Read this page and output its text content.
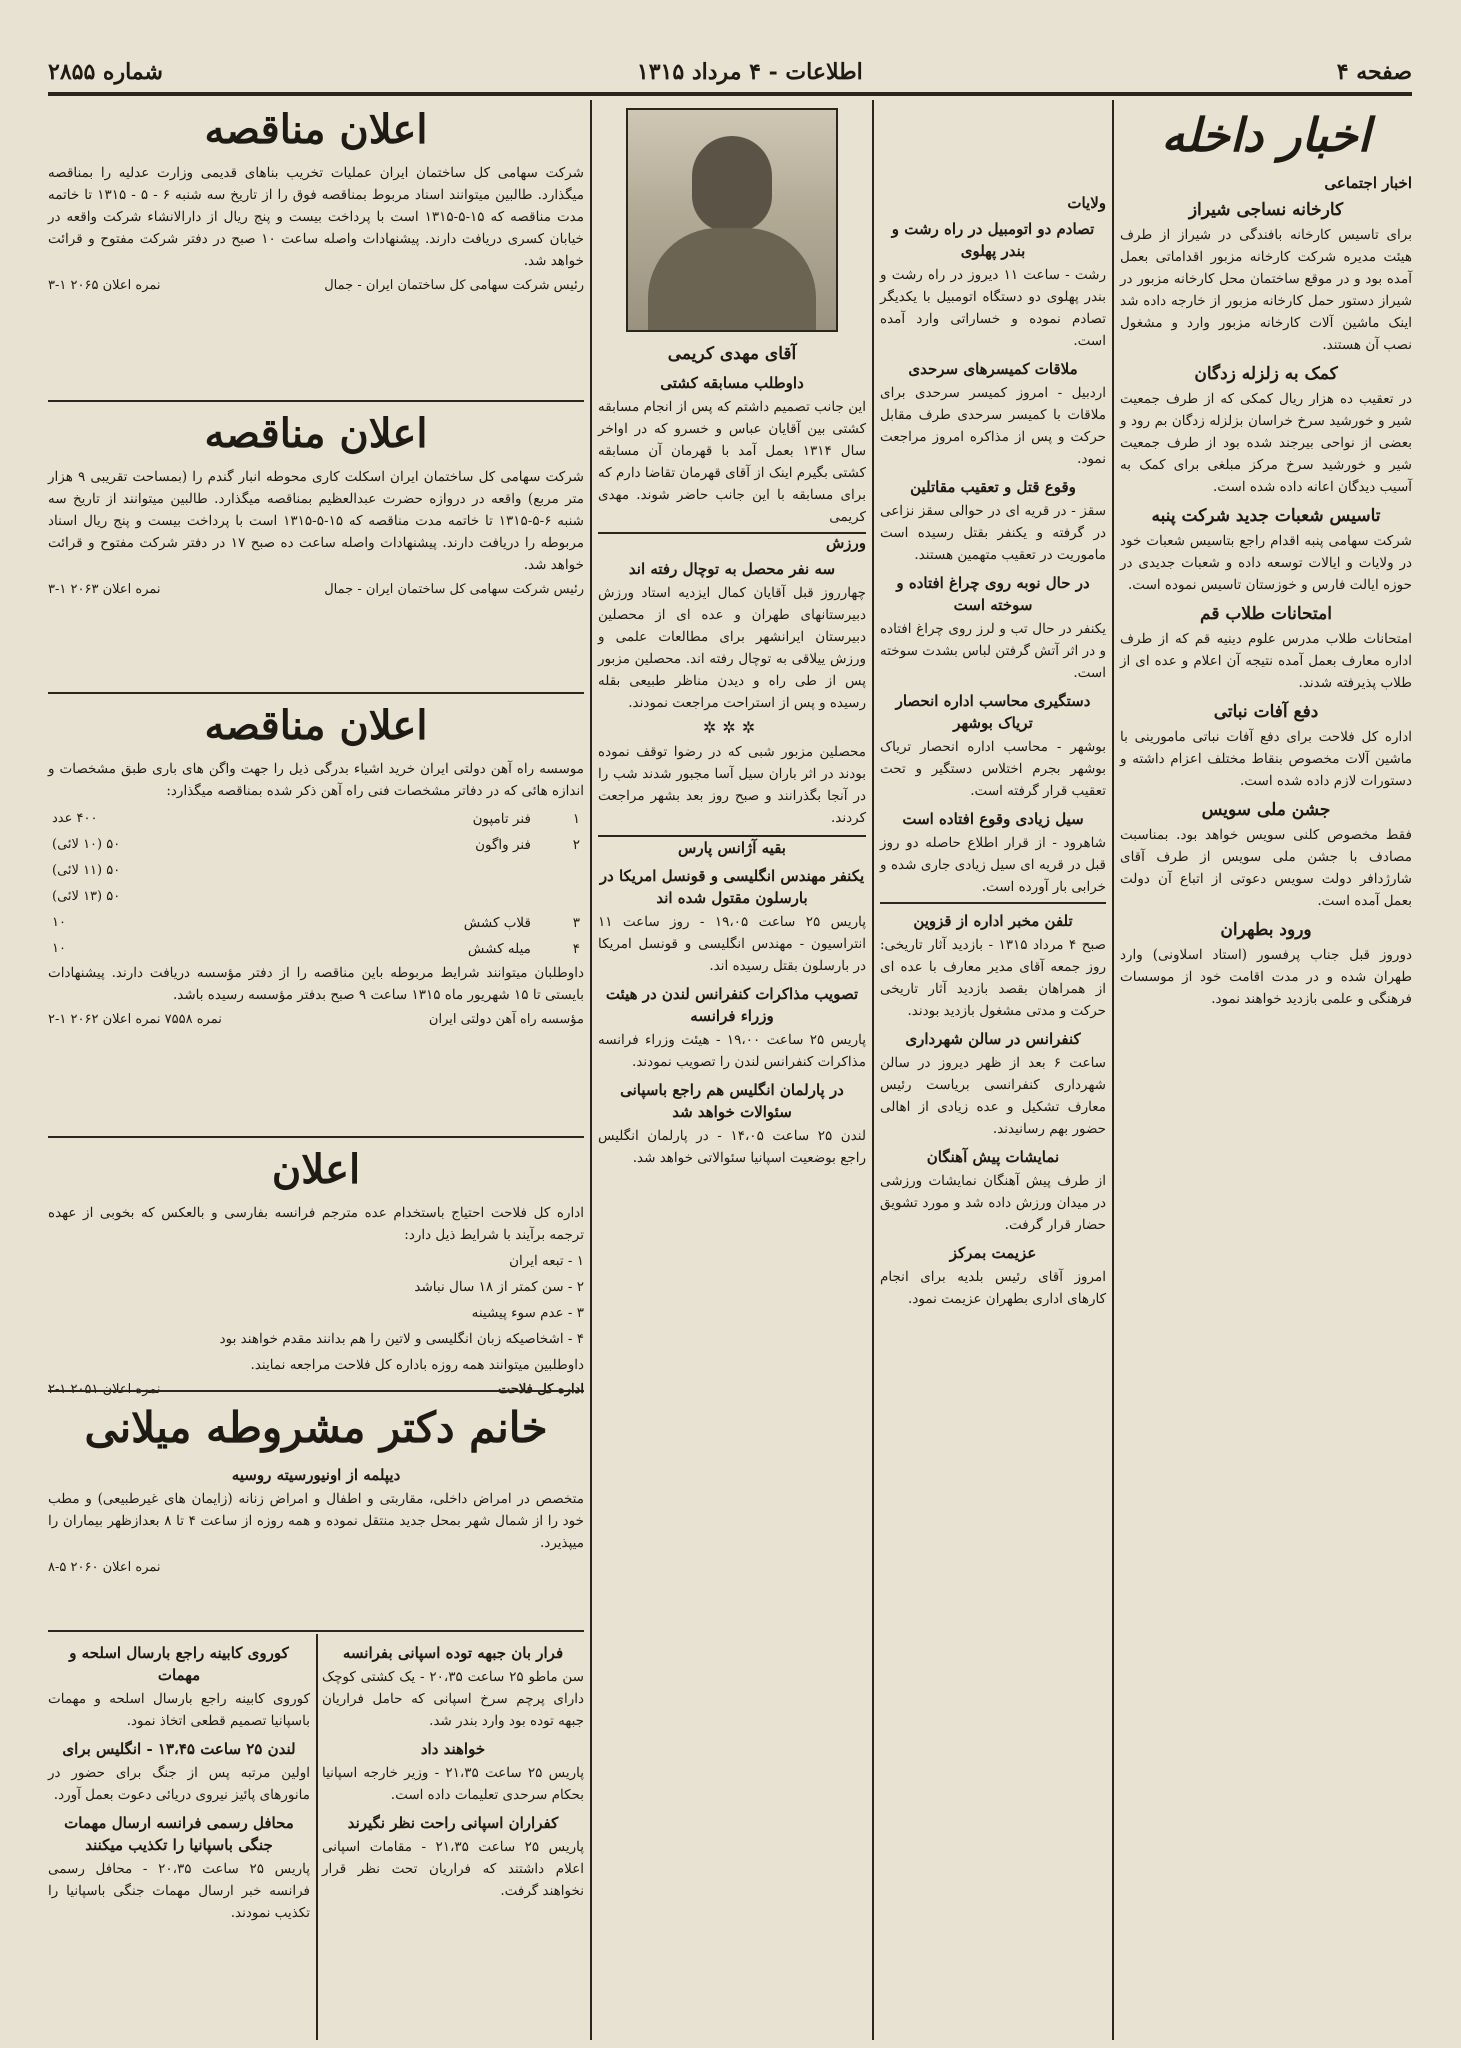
صفحه ۴
اطلاعات - ۴ مرداد ۱۳۱۵
شماره ۲۸۵۵
اخبار داخله
اخبار اجتماعی
کارخانه نساجی شیراز

برای تاسیس کارخانه بافندگی در شیراز از طرف هیئت مدیره شرکت کارخانه مزبور اقداماتی بعمل آمده بود و در موقع ساختمان محل کارخانه مزبور در شیراز دستور حمل کارخانه مزبور از خارجه داده شد اینک ماشین آلات کارخانه مزبور وارد و مشغول نصب آن هستند.

کمک به زلزله زدگان

در تعقیب ده هزار ریال کمکی که از طرف جمعیت شیر و خورشید سرخ خراسان بزلزله زدگان بم رود و بعضی از نواحی بیرجند شده بود از طرف جمعیت شیر و خورشید سرخ مرکز مبلغی برای کمک به آسیب دیدگان اعانه داده شده است.

تاسیس شعبات جدید شرکت پنبه

شرکت سهامی پنبه اقدام راجع بتاسیس شعبات خود در ولایات و ایالات توسعه داده و شعبات جدیدی در حوزه ایالت فارس و خوزستان تاسیس نموده است.

امتحانات طلاب قم

امتحانات طلاب مدرس علوم دینیه قم که از طرف اداره معارف بعمل آمده نتیجه آن اعلام و عده ای از طلاب پذیرفته شدند.

دفع آفات نباتی

اداره کل فلاحت برای دفع آفات نباتی مامورینی با ماشین آلات مخصوص بنقاط مختلف اعزام داشته و دستورات لازم داده شده است.

جشن ملی سویس

فقط مخصوص کلنی سویس خواهد بود. بمناسبت مصادف با جشن ملی سویس از طرف آقای شارژدافر دولت سویس دعوتی از اتباع آن دولت بعمل آمده است.

ورود بطهران

دوروز قبل جناب پرفسور (استاد اسلاونی) وارد طهران شده و در مدت اقامت خود از موسسات فرهنگی و علمی بازدید خواهند نمود.

ولایات
تصادم دو اتومبیل در راه رشت و بندر پهلوی

رشت - ساعت ۱۱ دیروز در راه رشت و بندر پهلوی دو دستگاه اتومبیل با یکدیگر تصادم نموده و خساراتی وارد آمده است.

ملاقات کمیسرهای سرحدی

اردبیل - امروز کمیسر سرحدی برای ملاقات با کمیسر سرحدی طرف مقابل حرکت و پس از مذاکره امروز مراجعت نمود.

وقوع قتل و تعقیب مقاتلین

سقز - در قریه ای در حوالی سقز نزاعی در گرفته و یکنفر بقتل رسیده است ماموریت در تعقیب متهمین هستند.

در حال نوبه روی چراغ افتاده و سوخته است

یکنفر در حال تب و لرز روی چراغ افتاده و در اثر آتش گرفتن لباس بشدت سوخته است.

دستگیری محاسب اداره انحصار تریاک بوشهر

بوشهر - محاسب اداره انحصار تریاک بوشهر بجرم اختلاس دستگیر و تحت تعقیب قرار گرفته است.

سیل زیادی وقوع افتاده است

شاهرود - از قرار اطلاع حاصله دو روز قبل در قریه ای سیل زیادی جاری شده و خرابی بار آورده است.

تلفن مخبر اداره از قزوین

صبح ۴ مرداد ۱۳۱۵ - بازدید آثار تاریخی: روز جمعه آقای مدیر معارف با عده ای از همراهان بقصد بازدید آثار تاریخی حرکت و مدتی مشغول بازدید بودند.

کنفرانس در سالن شهرداری

ساعت ۶ بعد از ظهر دیروز در سالن شهرداری کنفرانسی بریاست رئیس معارف تشکیل و عده زیادی از اهالی حضور بهم رسانیدند.

نمایشات پیش آهنگان

از طرف پیش آهنگان نمایشات ورزشی در میدان ورزش داده شد و مورد تشویق حضار قرار گرفت.

عزیمت بمرکز

امروز آقای رئیس بلدیه برای انجام کارهای اداری بطهران عزیمت نمود.

آقای مهدی کریمی
داوطلب مسابقه کشتی

این جانب تصمیم داشتم که پس از انجام مسابقه کشتی بین آقایان عباس و خسرو که در اواخر سال ۱۳۱۴ بعمل آمد با قهرمان آن مسابقه کشتی بگیرم اینک از آقای قهرمان تقاضا دارم که برای مسابقه با این جانب حاضر شوند. مهدی کریمی

ورزش
سه نفر محصل به توچال رفته اند

چهارروز قبل آقایان کمال ایزدیه استاد ورزش دبیرستانهای طهران و عده ای از محصلین دبیرستان ایرانشهر برای مطالعات علمی و ورزش ییلاقی به توچال رفته اند. محصلین مزبور پس از طی راه و دیدن مناظر طبیعی بقله رسیده و پس از استراحت مراجعت نمودند.

✲✲✲

محصلین مزبور شبی که در رضوا توقف نموده بودند در اثر باران سیل آسا مجبور شدند شب را در آنجا بگذرانند و صبح روز بعد بشهر مراجعت کردند.

بقیه آژانس پارس
یکنفر مهندس انگلیسی و قونسل امریکا در بارسلون مقتول شده اند

پاریس ۲۵ ساعت ۱۹،۰۵ - روز ساعت ۱۱ انتراسیون - مهندس انگلیسی و قونسل امریکا در بارسلون بقتل رسیده اند.

تصویب مذاکرات کنفرانس لندن در هیئت وزراء فرانسه

پاریس ۲۵ ساعت ۱۹،۰۰ - هیئت وزراء فرانسه مذاکرات کنفرانس لندن را تصویب نمودند.

در پارلمان انگلیس هم راجع باسپانی سئوالات خواهد شد

لندن ۲۵ ساعت ۱۴،۰۵ - در پارلمان انگلیس راجع بوضعیت اسپانیا سئوالاتی خواهد شد.

اعلان مناقصه

شرکت سهامی کل ساختمان ایران عملیات تخریب بناهای قدیمی وزارت عدلیه را بمناقصه میگذارد. طالبین میتوانند اسناد مربوط بمناقصه فوق را از تاریخ سه شنبه ۶ - ۵ - ۱۳۱۵ تا خاتمه مدت مناقصه که ۱۵-۵-۱۳۱۵ است با پرداخت بیست و پنج ریال از دارالانشاء شرکت واقعه در خیابان کسری دریافت دارند. پیشنهادات واصله ساعت ۱۰ صبح در دفتر شرکت مفتوح و قرائت خواهد شد.

رئیس شرکت سهامی کل ساختمان ایران - جمال
نمره اعلان ۲۰۶۵ ۱-۳
اعلان مناقصه

شرکت سهامی کل ساختمان ایران اسکلت کاری محوطه انبار گندم را (بمساحت تقریبی ۹ هزار متر مربع) واقعه در دروازه حضرت عبدالعظیم بمناقصه میگذارد. طالبین میتوانند از تاریخ سه شنبه ۶-۵-۱۳۱۵ تا خاتمه مدت مناقصه که ۱۵-۵-۱۳۱۵ است با پرداخت بیست و پنج ریال اسناد مربوطه را دریافت دارند. پیشنهادات واصله ساعت ده صبح ۱۷ در دفتر شرکت مفتوح و قرائت خواهد شد.

رئیس شرکت سهامی کل ساختمان ایران - جمال
نمره اعلان ۲۰۶۳ ۱-۳
اعلان مناقصه

موسسه راه آهن دولتی ایران خرید اشیاء بدرگی ذیل را جهت واگن های باری طبق مشخصات و اندازه هائی که در دفاتر مشخصات فنی راه آهن ذکر شده بمناقصه میگذارد:

۱	فنر تامپون	۴۰۰ عدد
۲	فنر واگون	۵۰ (۱۰ لائی)
		۵۰ (۱۱ لائی)
		۵۰ (۱۳ لائی)
۳	قلاب کشش	۱۰
۴	میله کشش	۱۰

داوطلبان میتوانند شرایط مربوطه باین مناقصه را از دفتر مؤسسه دریافت دارند. پیشنهادات بایستی تا ۱۵ شهریور ماه ۱۳۱۵ ساعت ۹ صبح بدفتر مؤسسه رسیده باشد.

مؤسسه راه آهن دولتی ایران
نمره ۷۵۵۸ نمره اعلان ۲۰۶۲ ۱-۲
اعلان

اداره کل فلاحت احتیاج باستخدام عده مترجم فرانسه بفارسی و بالعکس که بخوبی از عهده ترجمه برآیند با شرایط ذیل دارد:

۱ - تبعه ایران

۲ - سن کمتر از ۱۸ سال نباشد

۳ - عدم سوء پیشینه

۴ - اشخاصیکه زبان انگلیسی و لاتین را هم بدانند مقدم خواهند بود

داوطلبین میتوانند همه روزه باداره کل فلاحت مراجعه نمایند.

خانم دکتر مشروطه میلانی
دیپلمه از اونیورسیته روسیه

متخصص در امراض داخلی، مقاربتی و اطفال و امراض زنانه (زایمان های غیرطبیعی) و مطب خود را از شمال شهر بمحل جدید منتقل نموده و همه روزه از ساعت ۴ تا ۸ بعدازظهر بیماران را میپذیرد.

نمره اعلان ۲۰۶۰ ۵-۸
فرار بان جبهه توده اسپانی بفرانسه

سن ماطو ۲۵ ساعت ۲۰،۳۵ - یک کشتی کوچک دارای پرچم سرخ اسپانی که حامل فراریان جبهه توده بود وارد بندر شد.

خواهند داد

پاریس ۲۵ ساعت ۲۱،۳۵ - وزیر خارجه اسپانیا بحکام سرحدی تعلیمات داده است.

کفراران اسپانی راحت نظر نگیرند

پاریس ۲۵ ساعت ۲۱،۳۵ - مقامات اسپانی اعلام داشتند که فراریان تحت نظر قرار نخواهند گرفت.

کوروی کابینه راجع بارسال اسلحه و مهمات

کوروی کابینه راجع بارسال اسلحه و مهمات باسپانیا تصمیم قطعی اتخاذ نمود.

لندن ۲۵ ساعت ۱۳،۴۵ - انگلیس برای

اولین مرتبه پس از جنگ برای حضور در مانورهای پائیز نیروی دریائی دعوت بعمل آورد.

محافل رسمی فرانسه ارسال مهمات جنگی باسپانیا را تکذیب میکنند

پاریس ۲۵ ساعت ۲۰،۳۵ - محافل رسمی فرانسه خبر ارسال مهمات جنگی باسپانیا را تکذیب نمودند.
